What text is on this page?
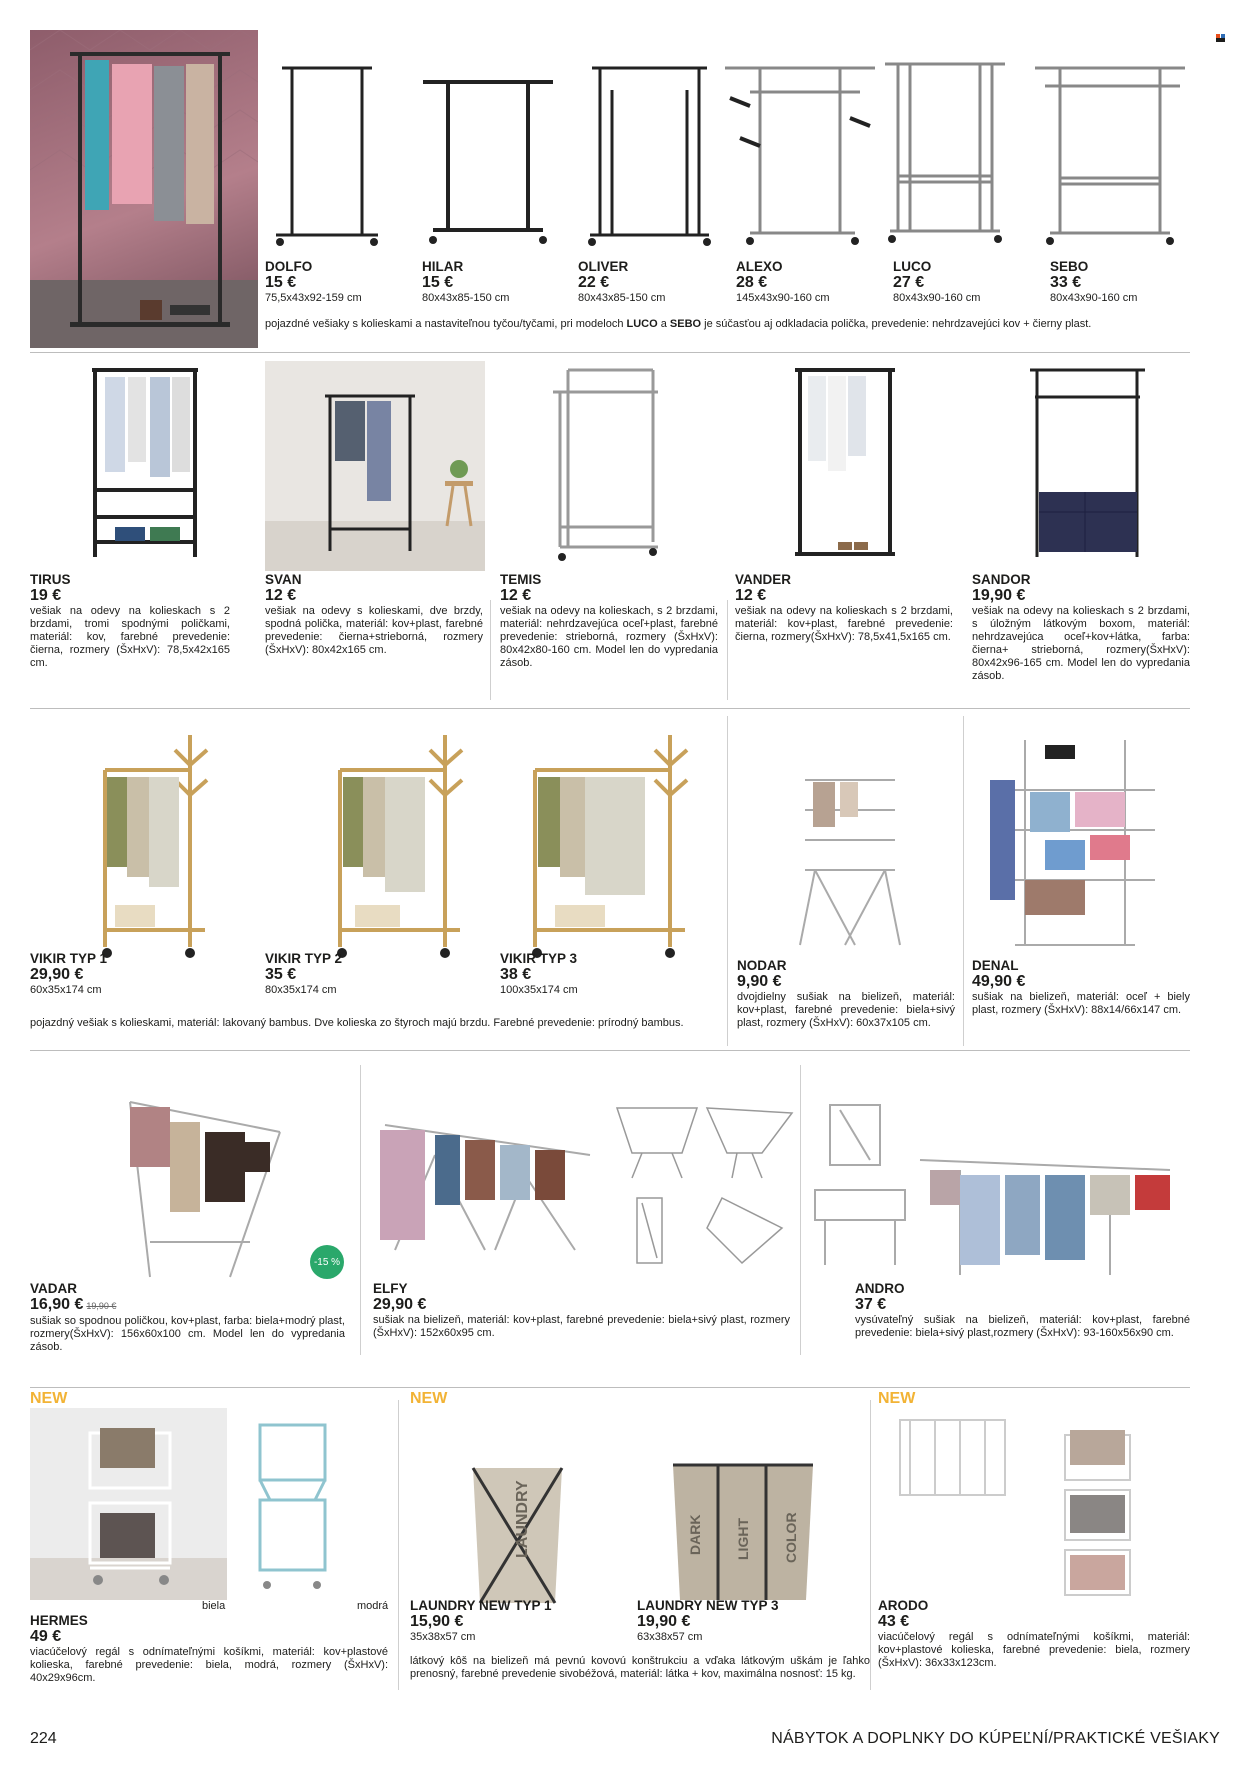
DOLFO
15 €
75,5x43x92-159 cm
HILAR
15 €
80x43x85-150 cm
OLIVER
22 €
80x43x85-150 cm
ALEXO
28 €
145x43x90-160 cm
LUCO
27 €
80x43x90-160 cm
SEBO
33 €
80x43x90-160 cm
pojazdné vešiaky s kolieskami a nastaviteľnou tyčou/tyčami, pri modeloch LUCO a SEBO je súčasťou aj odkladacia polička, prevedenie: nehrdzavejúci kov + čierny plast.
TIRUS
19 €
vešiak na odevy na kolieskach s 2 brzdami, tromi spodnými poličkami, materiál: kov, farebné prevedenie: čierna, rozmery (ŠxHxV): 78,5x42x165 cm.
SVAN
12 €
vešiak na odevy s kolieskami, dve brzdy, spodná polička, materiál: kov+plast, farebné prevedenie: čierna+strieborná, rozmery (ŠxHxV): 80x42x165 cm.
TEMIS
12 €
vešiak na odevy na kolieskach, s 2 brzdami, materiál: nehrdzavejúca oceľ+plast, farebné prevedenie: strieborná, rozmery (ŠxHxV): 80x42x80-160 cm. Model len do vypredania zásob.
VANDER
12 €
vešiak na odevy na kolieskach s 2 brzdami, materiál: kov+plast, farebné prevedenie: čierna, rozmery(ŠxHxV): 78,5x41,5x165 cm.
SANDOR
19,90 €
vešiak na odevy na kolieskach s 2 brzdami, s úložným látkovým boxom, materiál: nehrdzavejúca oceľ+kov+látka, farba: čierna+ strieborná, rozmery(ŠxHxV): 80x42x96-165 cm. Model len do vypredania zásob.
VIKIR TYP 1
29,90 €
60x35x174 cm
VIKIR TYP 2
35 €
80x35x174 cm
VIKIR TYP 3
38 €
100x35x174 cm
pojazdný vešiak s kolieskami, materiál: lakovaný bambus. Dve kolieska zo štyroch majú brzdu. Farebné prevedenie: prírodný bambus.
NODAR
9,90 €
dvojdielny sušiak na bielizeň, materiál: kov+plast, farebné prevedenie: biela+sivý plast, rozmery (ŠxHxV): 60x37x105 cm.
DENAL
49,90 €
sušiak na bielizeň, materiál: oceľ + biely plast, rozmery (ŠxHxV): 88x14/66x147 cm.
-15 %
VADAR
16,90 € 19,90 €
sušiak so spodnou poličkou, kov+plast, farba: biela+modrý plast, rozmery(ŠxHxV): 156x60x100 cm. Model len do vypredania zásob.
ELFY
29,90 €
sušiak na bielizeň, materiál: kov+plast, farebné prevedenie: biela+sivý plast, rozmery (ŠxHxV): 152x60x95 cm.
ANDRO
37 €
vysúvateľný sušiak na bielizeň, materiál: kov+plast, farebné prevedenie: biela+sivý plast,rozmery (ŠxHxV): 93-160x56x90 cm.
NEW	NEW	NEW
biela	modrá
LAUNDRY	DARK LIGHT COLOR
HERMES
49 €
viacúčelový regál s odnímateľnými košíkmi, materiál: kov+plastové kolieska, farebné prevedenie: biela, modrá, rozmery (ŠxHxV): 40x29x96cm.
LAUNDRY NEW TYP 1
15,90 €
35x38x57 cm
LAUNDRY NEW TYP 3
19,90 €
63x38x57 cm
látkový kôš na bielizeň má pevnú kovovú konštrukciu a vďaka látkovým uškám je ľahko prenosný, farebné prevedenie sivobéžová, materiál: látka + kov, maximálna nosnosť: 15 kg.
ARODO
43 €
viacúčelový regál s odnímateľnými košíkmi, materiál: kov+plastové kolieska, farebné prevedenie: biela, rozmery (ŠxHxV): 36x33x123cm.
224	NÁBYTOK A DOPLNKY DO KÚPEĽNÍ/PRAKTICKÉ VEŠIAKY
